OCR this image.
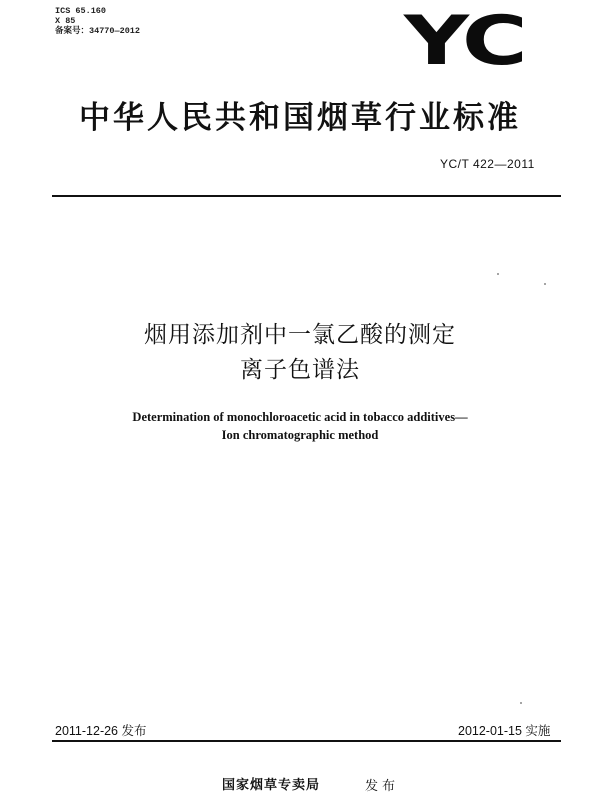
ICS 65.160
X 85
备案号：34770—2012	YC
中华人民共和国烟草行业标准
YC/T 422—2011
烟用添加剂中一氯乙酸的测定
离子色谱法
Determination of monochloroacetic acid in tobacco additives—
Ion chromatographic method
2011-12-26 发布	2012-01-15 实施
国家烟草专卖局	发布
